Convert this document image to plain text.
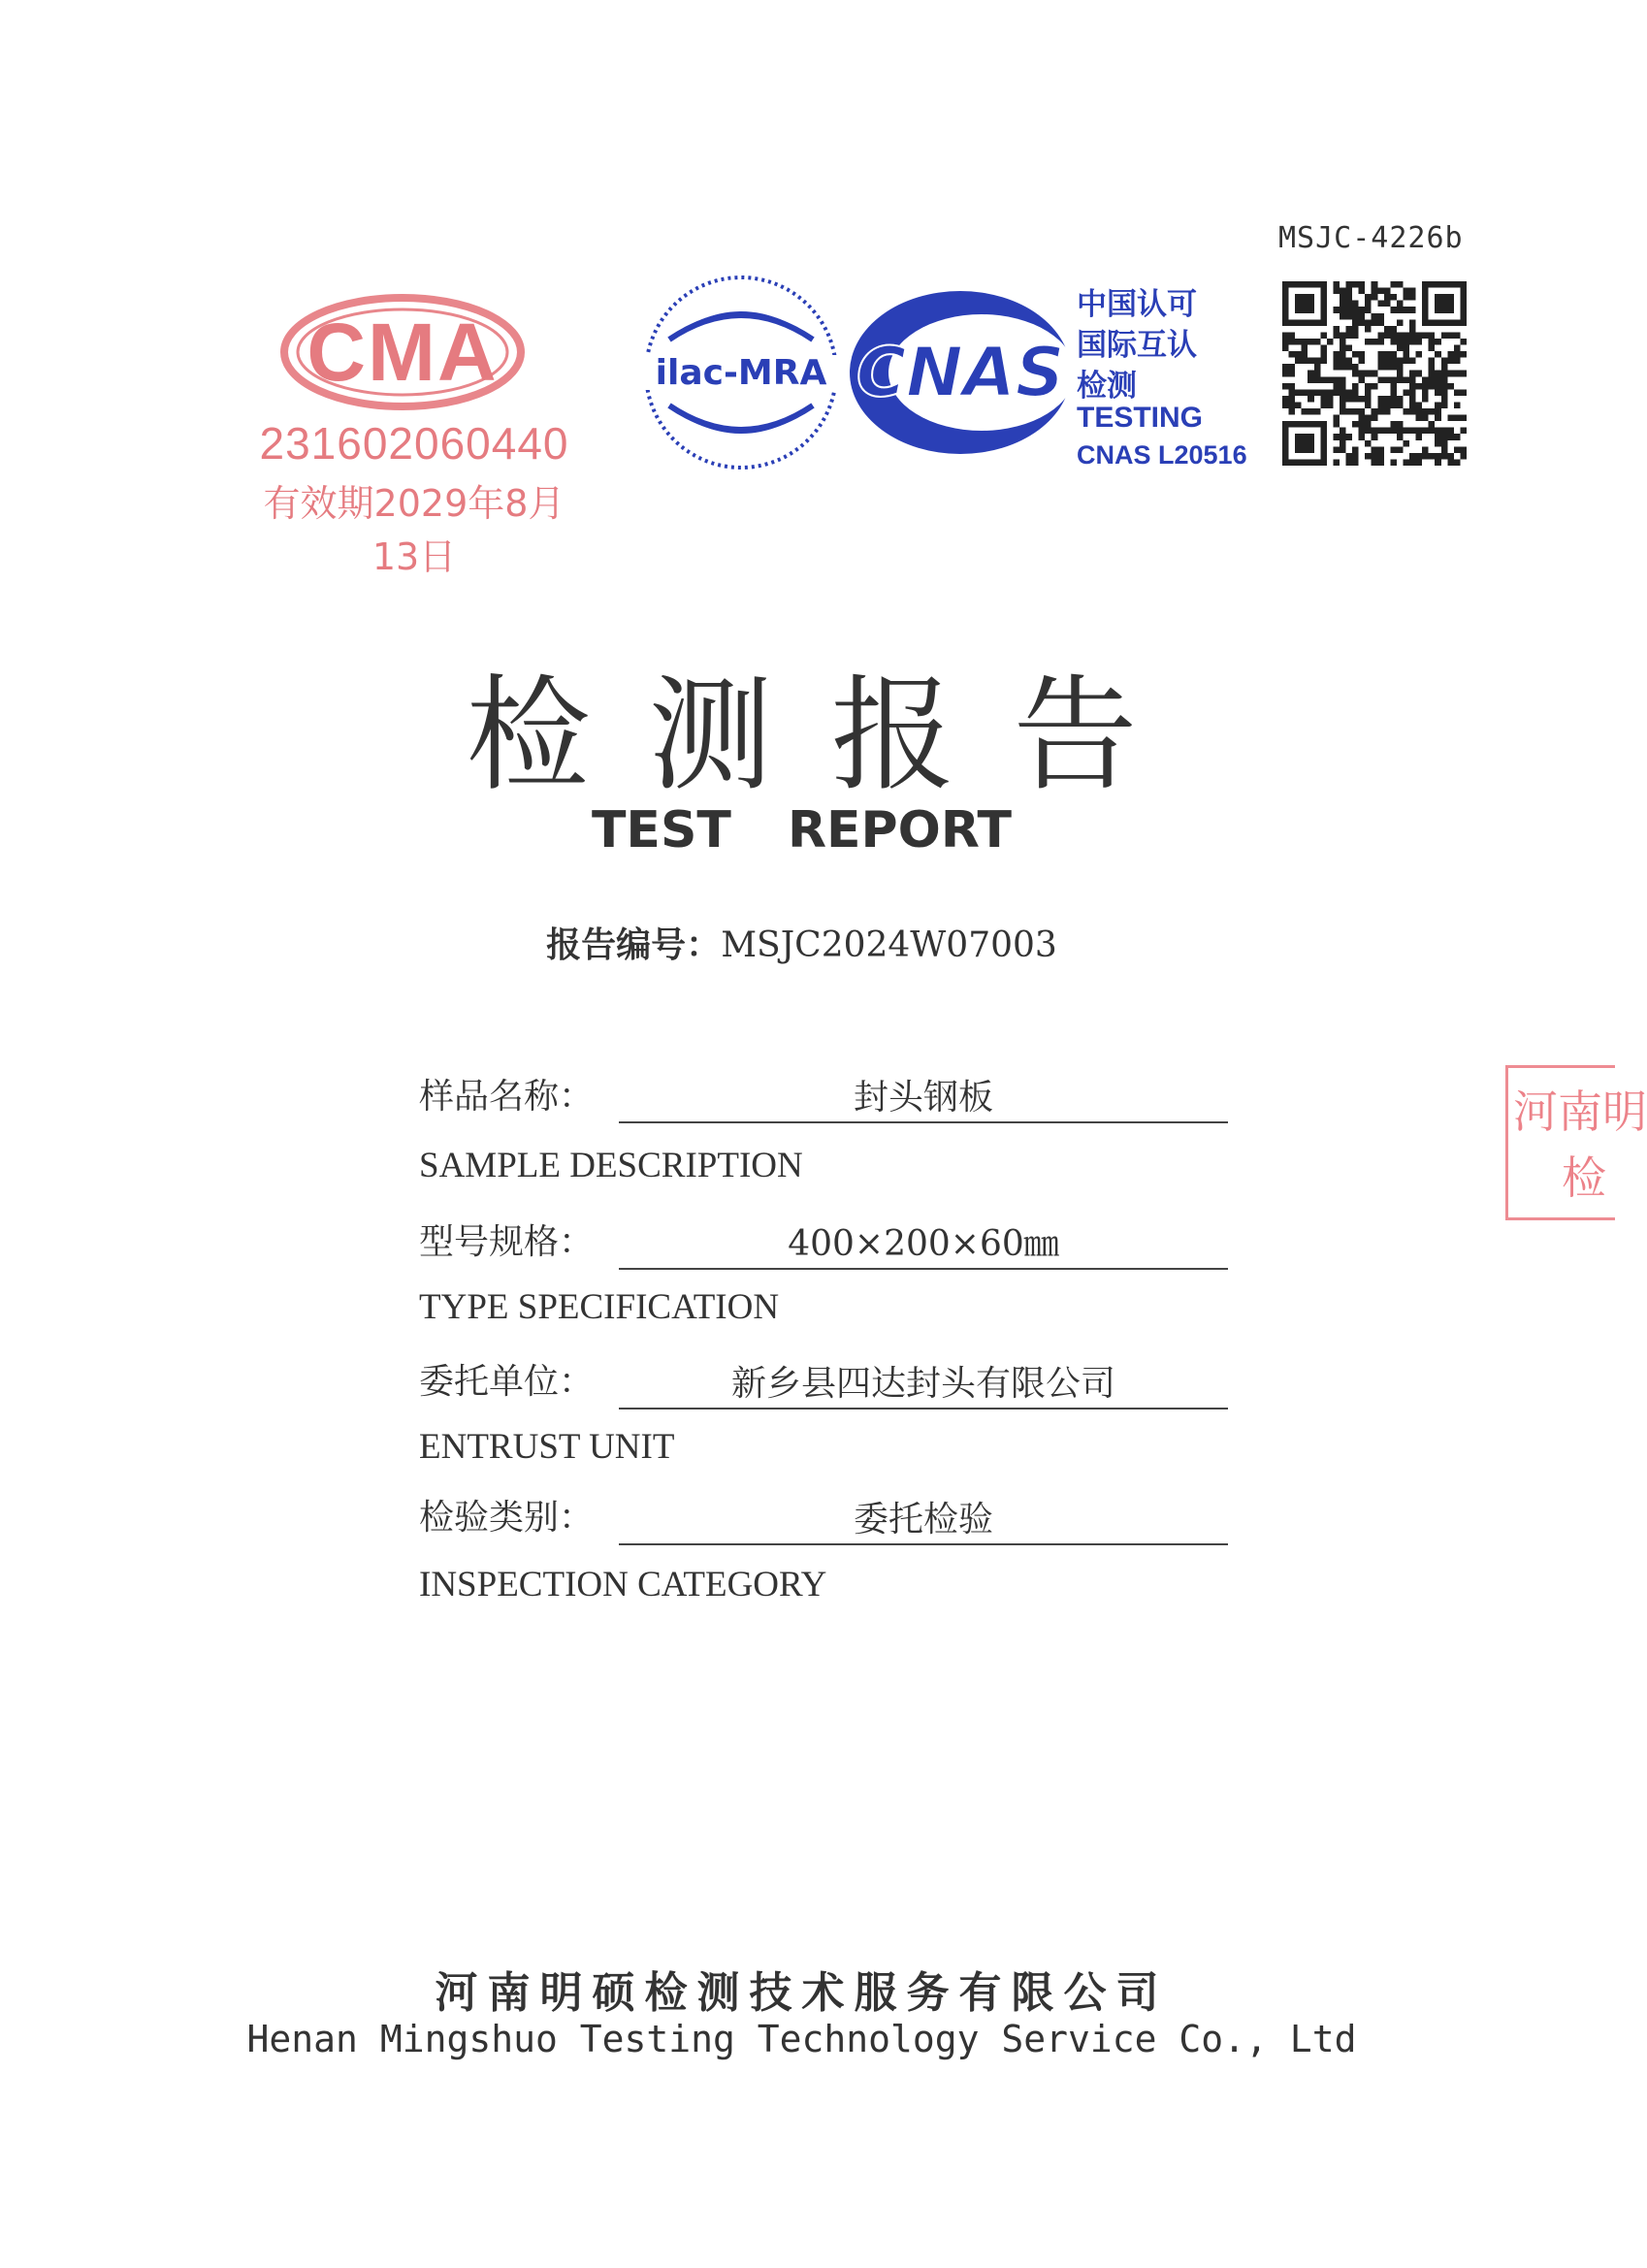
MSJC-4226b
CMA
231602060440
有效期2029年8月13日
ilac-MRA CNAS
中国认可
国际互认
检测
TESTING
CNAS L20516
检测报告
TEST REPORT
报告编号：MSJC2024W07003
样品名称：	封头钢板
SAMPLE DESCRIPTION
型号规格：	400×200×60㎜
TYPE SPECIFICATION
委托单位：	新乡县四达封头有限公司
ENTRUST UNIT
检验类别：	委托检验
INSPECTION CATEGORY
河南明
检
河南明硕检测技术服务有限公司
Henan Mingshuo Testing Technology Service Co., Ltd
